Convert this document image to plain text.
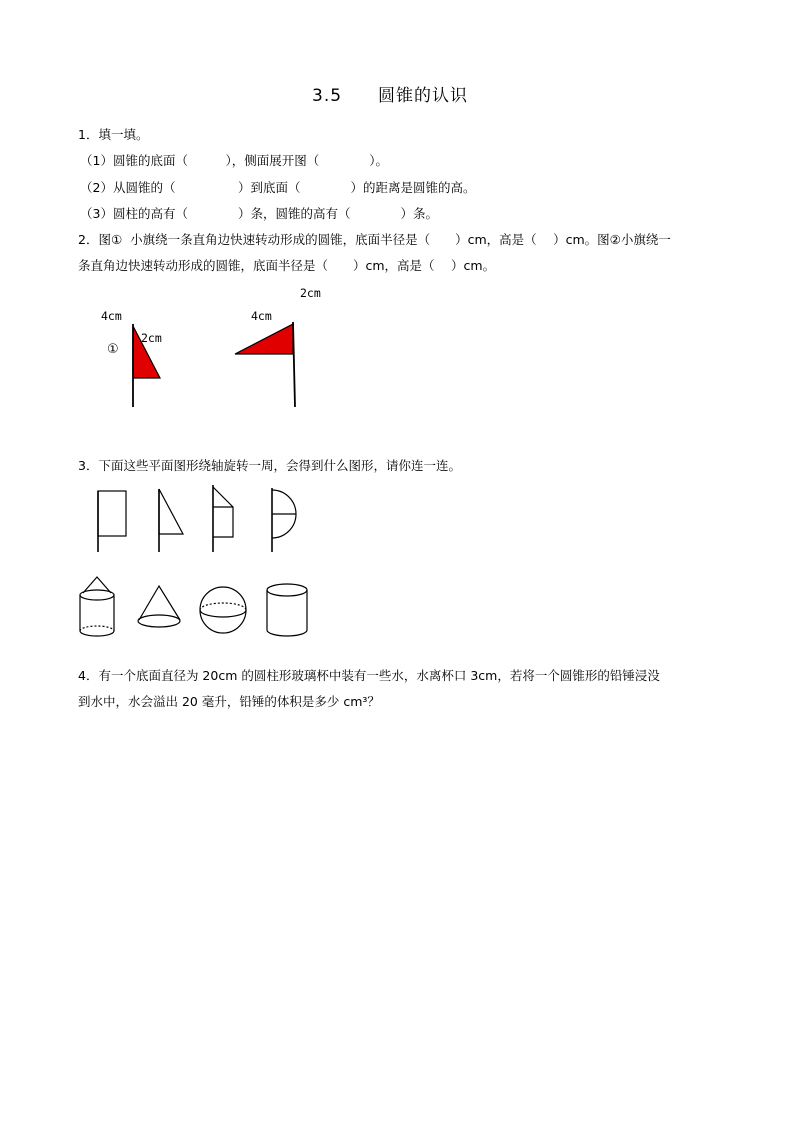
3.5　　圆锥的认识
1．填一填。
（1）圆锥的底面（　　　），侧面展开图（　　　　）。
（2）从圆锥的（　　　　　）到底面（　　　　）的距离是圆锥的高。
（3）圆柱的高有（　　　　）条，圆锥的高有（　　　　）条。
2．图①  小旗绕一条直角边快速转动形成的圆锥，底面半径是（　　）cm，高是（　 ）cm。图②小旗绕一
条直角边快速转动形成的圆锥，底面半径是（　　）cm，高是（　 ）cm。
4cm
2cm
①
2cm
4cm
3．下面这些平面图形绕轴旋转一周，会得到什么图形，请你连一连。
4．有一个底面直径为 20cm 的圆柱形玻璃杯中装有一些水，水离杯口 3cm，若将一个圆锥形的铅锤浸没
到水中，水会溢出 20 毫升，铅锤的体积是多少 cm³？
